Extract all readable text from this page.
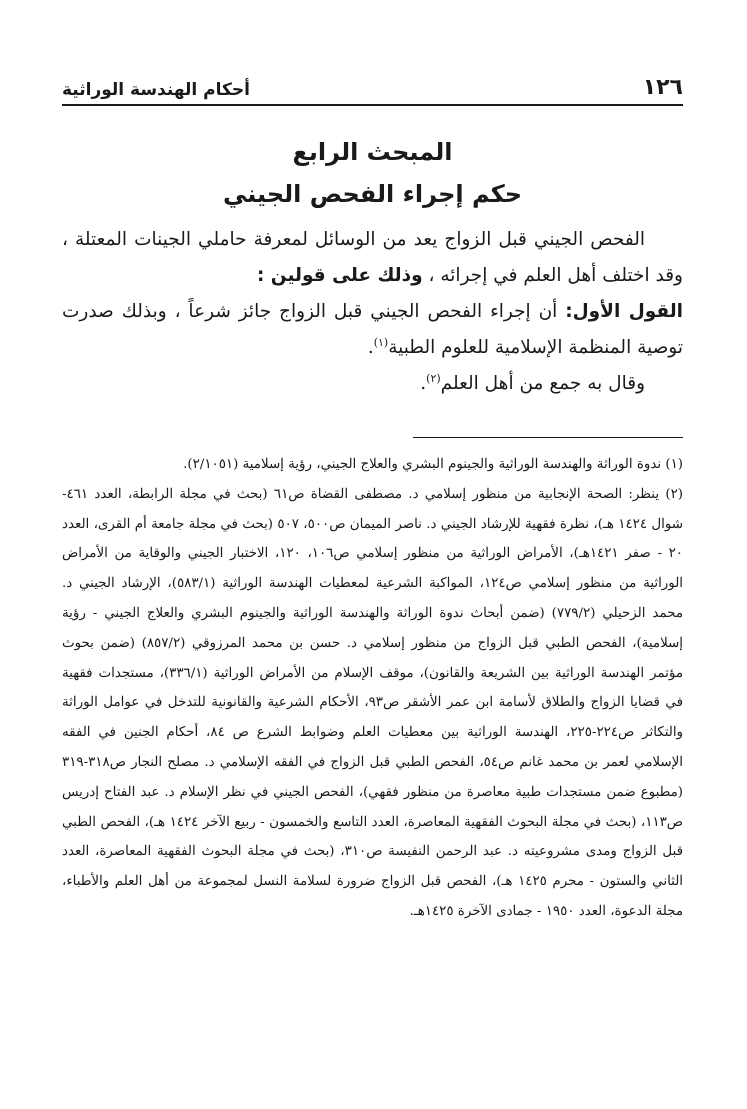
١٢٦
أحكام الهندسة الوراثية
المبحث الرابع
حكم إجراء الفحص الجيني

الفحص الجيني قبل الزواج يعد من الوسائل لمعرفة حاملي الجينات المعتلة ، وقد اختلف أهل العلم في إجرائه ، وذلك على قولين :

القول الأول: أن إجراء الفحص الجيني قبل الزواج جائز شرعاً ، وبذلك صدرت توصية المنظمة الإسلامية للعلوم الطبية$^{(١)}$.

وقال به جمع من أهل العلم$^{(٢)}$.

(١) ندوة الوراثة والهندسة الوراثية والجينوم البشري والعلاج الجيني، رؤية إسلامية (٢/١٠٥١).

(٢) ينظر: الصحة الإنجابية من منظور إسلامي د. مصطفى القضاة ص٦١ (بحث في مجلة الرابطة، العدد ٤٦١- شوال ١٤٢٤ هـ)، نظرة فقهية للإرشاد الجيني د. ناصر الميمان ص٥٠٠، ٥٠٧ (بحث في مجلة جامعة أم القرى، العدد ٢٠ - صفر ١٤٢١هـ)، الأمراض الوراثية من منظور إسلامي ص١٠٦، ١٢٠، الاختبار الجيني والوقاية من الأمراض الوراثية من منظور إسلامي ص١٢٤، المواكبة الشرعية لمعطيات الهندسة الوراثية (٥٨٣/١)، الإرشاد الجيني د. محمد الزحيلي (٧٧٩/٢) (ضمن أبحاث ندوة الوراثة والهندسة الوراثية والجينوم البشري والعلاج الجيني - رؤية إسلامية)، الفحص الطبي قبل الزواج من منظور إسلامي د. حسن بن محمد المرزوقي (٨٥٧/٢) (ضمن بحوث مؤتمر الهندسة الوراثية بين الشريعة والقانون)، موقف الإسلام من الأمراض الوراثية (٣٣٦/١)، مستجدات فقهية في قضايا الزواج والطلاق لأسامة ابن عمر الأشقر ص٩٣، الأحكام الشرعية والقانونية للتدخل في عوامل الوراثة والتكاثر ص٢٢٤-٢٢٥، الهندسة الوراثية بين معطيات العلم وضوابط الشرع ص ٨٤، أحكام الجنين في الفقه الإسلامي لعمر بن محمد غانم ص٥٤، الفحص الطبي قبل الزواج في الفقه الإسلامي د. مصلح النجار ص٣١٨-٣١٩ (مطبوع ضمن مستجدات طبية معاصرة من منظور فقهي)، الفحص الجيني في نظر الإسلام د. عبد الفتاح إدريس ص١١٣، (بحث في مجلة البحوث الفقهية المعاصرة، العدد التاسع والخمسون - ربيع الآخر ١٤٢٤ هـ)، الفحص الطبي قبل الزواج ومدى مشروعيته د. عبد الرحمن النفيسة ص٣١٠، (بحث في مجلة البحوث الفقهية المعاصرة، العدد الثاني والستون - محرم ١٤٢٥ هـ)، الفحص قبل الزواج ضرورة لسلامة النسل لمجموعة من أهل العلم والأطباء، مجلة الدعوة، العدد ١٩٥٠ - جمادى الآخرة ١٤٢٥هـ.
